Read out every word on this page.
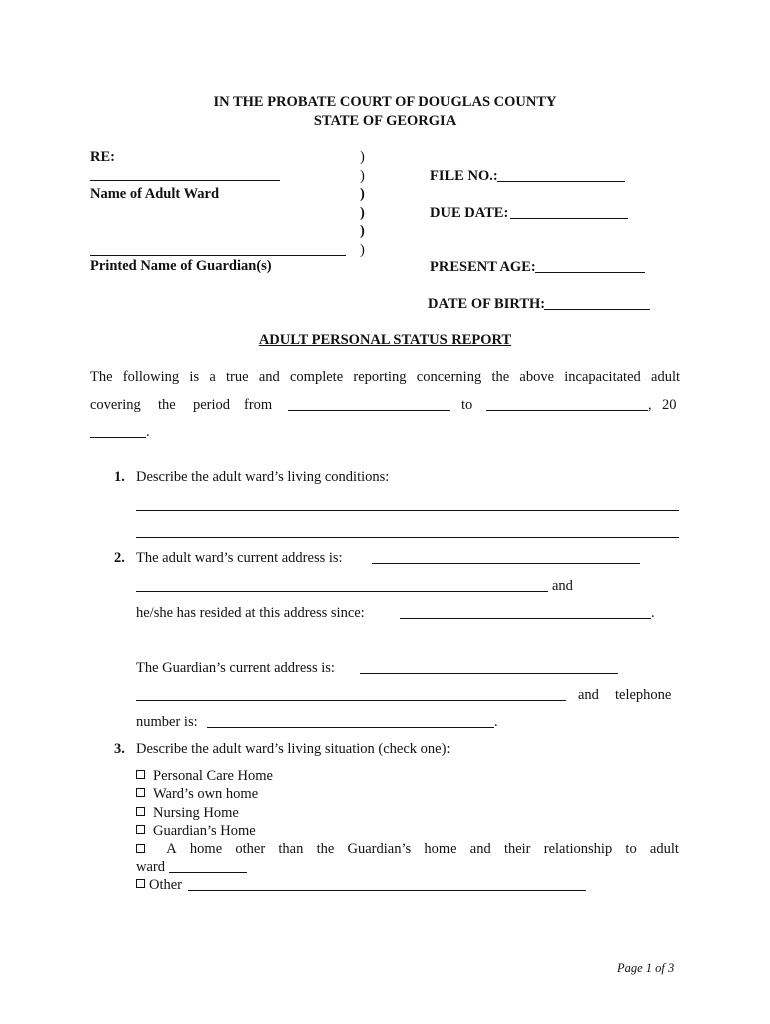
IN THE PROBATE COURT OF DOUGLAS COUNTY
STATE OF GEORGIA
RE:
Name of Adult Ward
Printed Name of Guardian(s)
)
)
)
)
)
)
FILE NO.:
DUE DATE:
PRESENT AGE:
DATE OF BIRTH:
ADULT PERSONAL STATUS REPORT
The following is a true and complete reporting concerning the above incapacitated adult
covering the period from	to	, 20
.
1. Describe the adult ward’s living conditions:
2. The adult ward’s current address is:
and
he/she has resided at this address since:	.
The Guardian’s current address is:
and telephone
number is:	.
3. Describe the adult ward’s living situation (check one):
Personal Care Home
Ward’s own home
Nursing Home
Guardian’s Home
A home other than the Guardian’s home and their relationship to adult
ward
Other
Page 1 of 3
